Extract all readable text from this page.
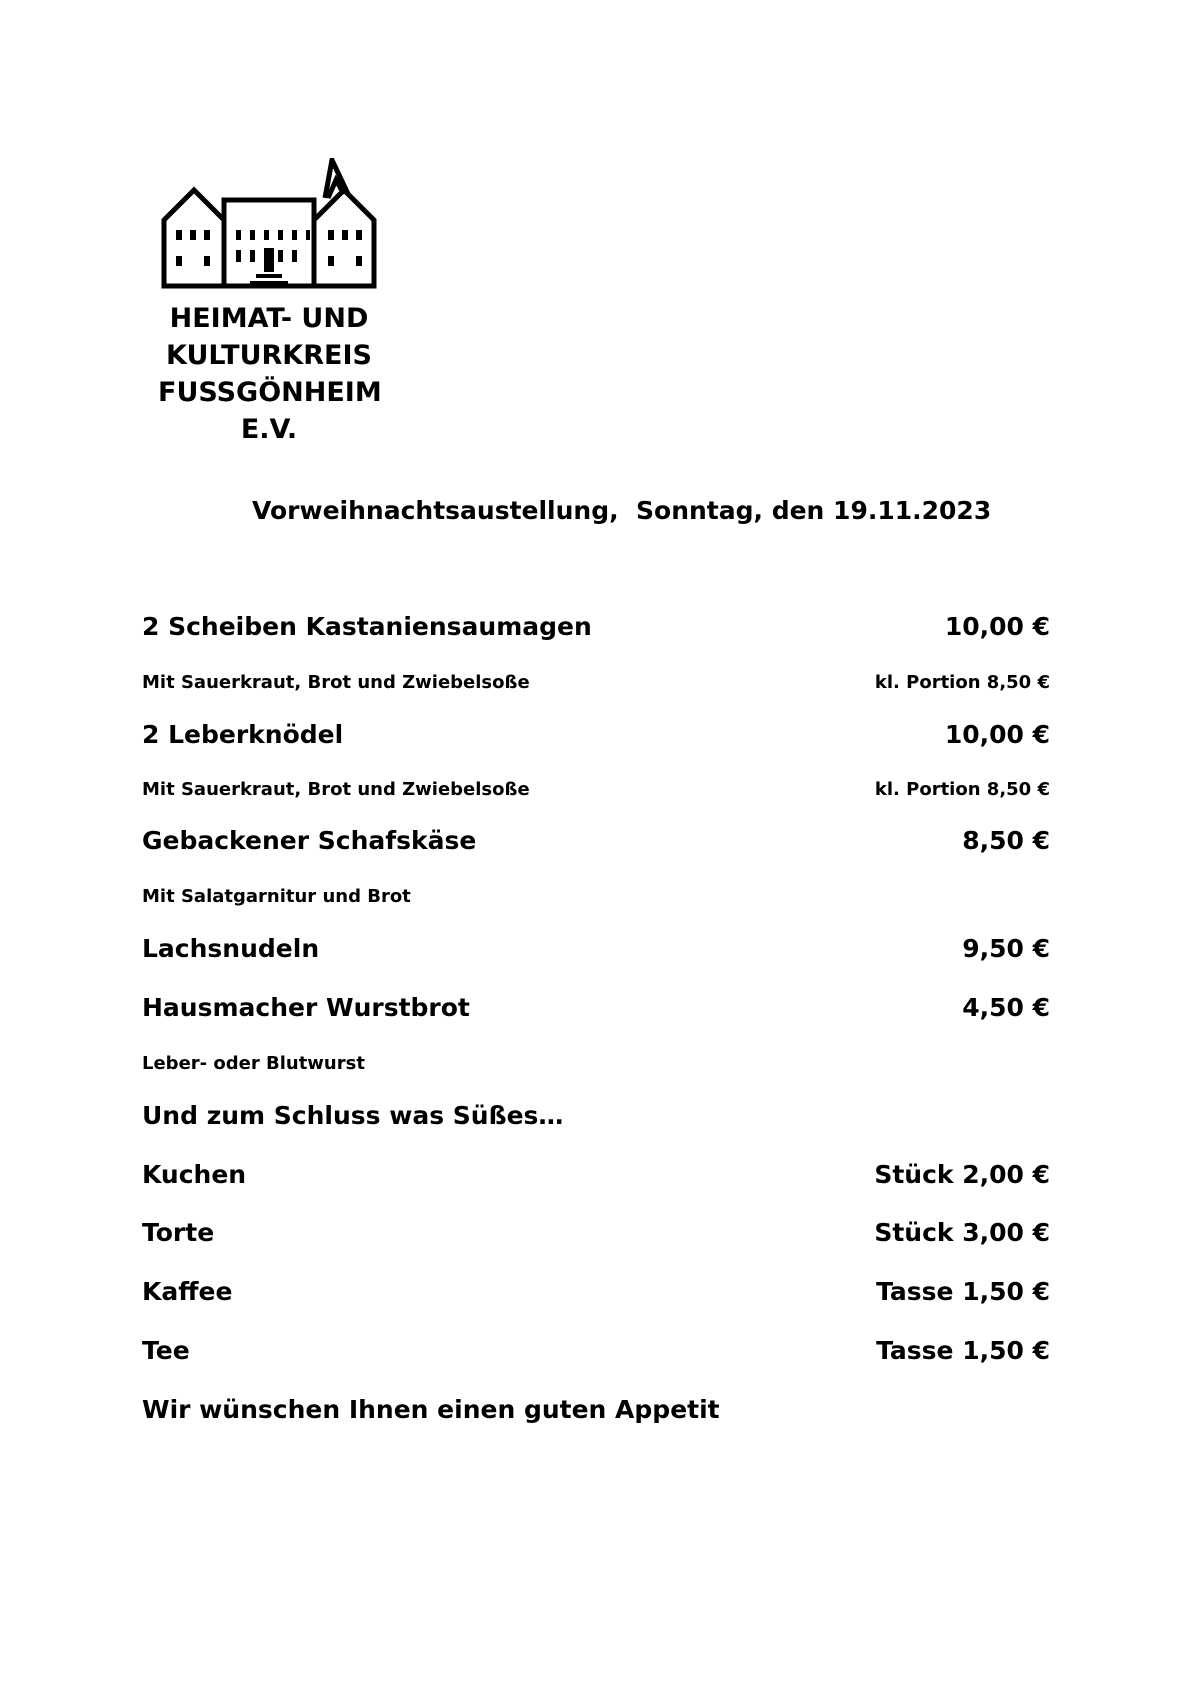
HEIMAT- UND
KULTURKREIS
FUSSGÖNHEIM
E.V.
Vorweihnachtsaustellung,  Sonntag, den 19.11.2023
2 Scheiben Kastaniensaumagen	10,00 €
Mit Sauerkraut, Brot und Zwiebelsoße	kl. Portion 8,50 €
2 Leberknödel	10,00 €
Mit Sauerkraut, Brot und Zwiebelsoße	kl. Portion 8,50 €
Gebackener Schafskäse	8,50 €
Mit Salatgarnitur und Brot
Lachsnudeln	9,50 €
Hausmacher Wurstbrot	4,50 €
Leber- oder Blutwurst
Und zum Schluss was Süßes…
Kuchen	Stück 2,00 €
Torte	Stück 3,00 €
Kaffee	Tasse 1,50 €
Tee	Tasse 1,50 €
Wir wünschen Ihnen einen guten Appetit
